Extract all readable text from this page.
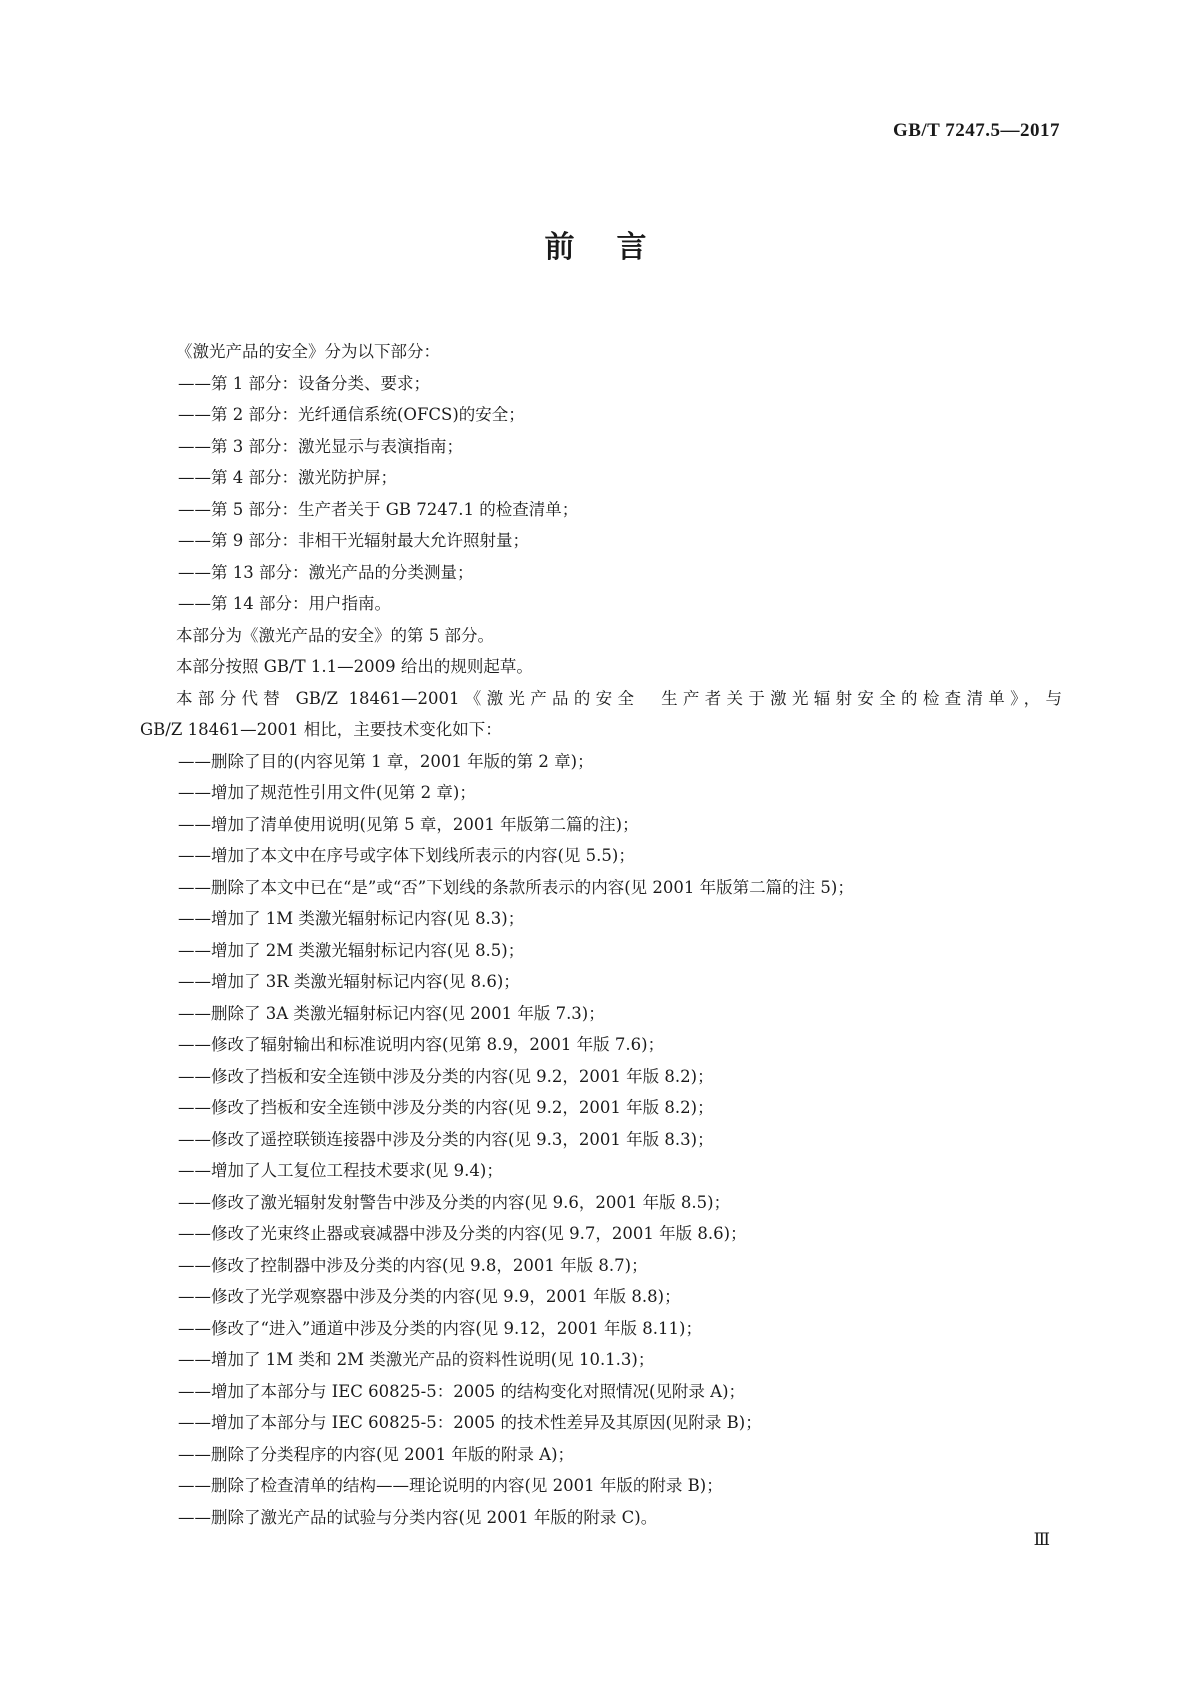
GB/T 7247.5—2017
前言

《激光产品的安全》分为以下部分：

——第 1 部分：设备分类、要求；

——第 2 部分：光纤通信系统(OFCS)的安全；

——第 3 部分：激光显示与表演指南；

——第 4 部分：激光防护屏；

——第 5 部分：生产者关于 GB 7247.1 的检查清单；

——第 9 部分：非相干光辐射最大允许照射量；

——第 13 部分：激光产品的分类测量；

——第 14 部分：用户指南。

本部分为《激光产品的安全》的第 5 部分。

本部分按照 GB/T 1.1—2009 给出的规则起草。

本部分代替 GB/Z 18461—2001《激光产品的安全　生产者关于激光辐射安全的检查清单》，与

GB/Z 18461—2001 相比，主要技术变化如下：

——删除了目的(内容见第 1 章，2001 年版的第 2 章)；

——增加了规范性引用文件(见第 2 章)；

——增加了清单使用说明(见第 5 章，2001 年版第二篇的注)；

——增加了本文中在序号或字体下划线所表示的内容(见 5.5)；

——删除了本文中已在“是”或“否”下划线的条款所表示的内容(见 2001 年版第二篇的注 5)；

——增加了 1M 类激光辐射标记内容(见 8.3)；

——增加了 2M 类激光辐射标记内容(见 8.5)；

——增加了 3R 类激光辐射标记内容(见 8.6)；

——删除了 3A 类激光辐射标记内容(见 2001 年版 7.3)；

——修改了辐射输出和标准说明内容(见第 8.9，2001 年版 7.6)；

——修改了挡板和安全连锁中涉及分类的内容(见 9.2，2001 年版 8.2)；

——修改了挡板和安全连锁中涉及分类的内容(见 9.2，2001 年版 8.2)；

——修改了遥控联锁连接器中涉及分类的内容(见 9.3，2001 年版 8.3)；

——增加了人工复位工程技术要求(见 9.4)；

——修改了激光辐射发射警告中涉及分类的内容(见 9.6，2001 年版 8.5)；

——修改了光束终止器或衰减器中涉及分类的内容(见 9.7，2001 年版 8.6)；

——修改了控制器中涉及分类的内容(见 9.8，2001 年版 8.7)；

——修改了光学观察器中涉及分类的内容(见 9.9，2001 年版 8.8)；

——修改了“进入”通道中涉及分类的内容(见 9.12，2001 年版 8.11)；

——增加了 1M 类和 2M 类激光产品的资料性说明(见 10.1.3)；

——增加了本部分与 IEC 60825-5：2005 的结构变化对照情况(见附录 A)；

——增加了本部分与 IEC 60825-5：2005 的技术性差异及其原因(见附录 B)；

——删除了分类程序的内容(见 2001 年版的附录 A)；

——删除了检查清单的结构——理论说明的内容(见 2001 年版的附录 B)；

——删除了激光产品的试验与分类内容(见 2001 年版的附录 C)。

Ⅲ
